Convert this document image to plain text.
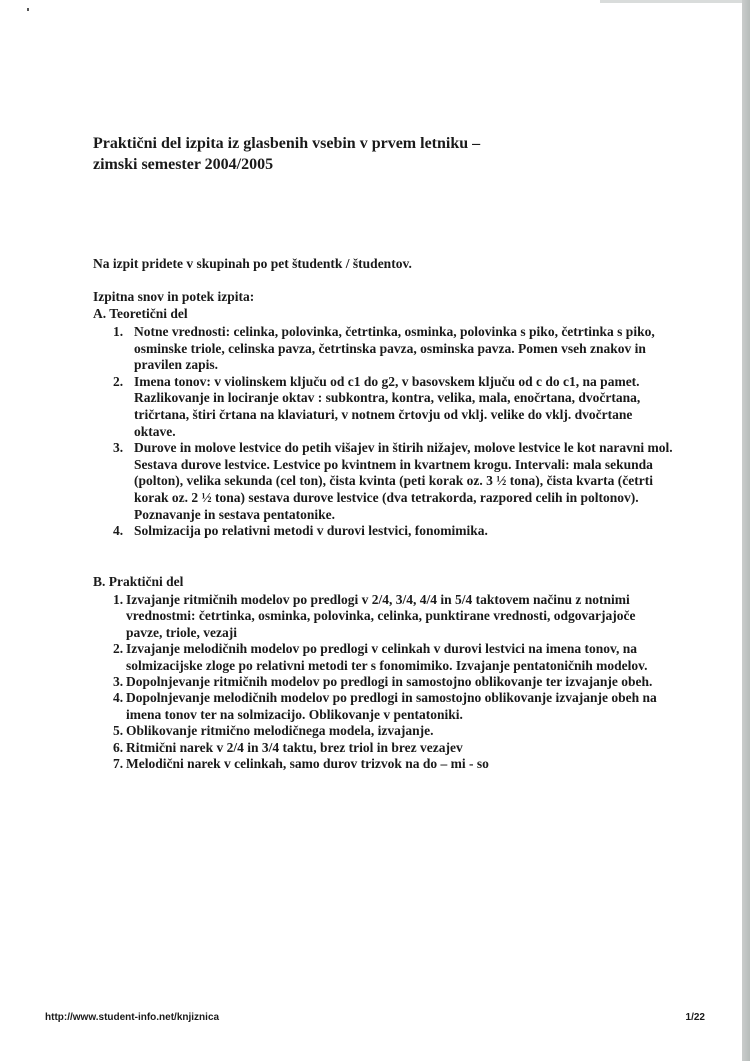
Praktični del izpita iz glasbenih vsebin v prvem letniku –
zimski semester 2004/2005
Na izpit pridete v skupinah po pet študentk / študentov.
Izpitna snov in potek izpita:
A. Teoretični del
1. Notne vrednosti: celinka, polovinka, četrtinka, osminka, polovinka s piko, četrtinka s piko, osminske triole, celinska pavza, četrtinska pavza, osminska pavza. Pomen vseh znakov in pravilen zapis.
2. Imena tonov: v violinskem ključu od c1 do g2, v basovskem ključu od c do c1, na pamet. Razlikovanje in lociranje oktav : subkontra, kontra, velika, mala, enočrtana, dvočrtana, tričrtana, štiri črtana na klaviaturi, v notnem črtovju od vklj. velike do vklj. dvočrtane oktave.
3. Durove in molove lestvice do petih višajev in štirih nižajev, molove lestvice le kot naravni mol. Sestava durove lestvice. Lestvice po kvintnem in kvartnem krogu. Intervali: mala sekunda (polton), velika sekunda (cel ton), čista kvinta (peti korak oz. 3 ½ tona), čista kvarta (četrti korak oz. 2 ½ tona) sestava durove lestvice (dva tetrakorda, razpored celih in poltonov). Poznavanje in sestava pentatonike.
4. Solmizacija po relativni metodi v durovi lestvici, fonomimika.
B. Praktični del
1. Izvajanje ritmičnih modelov po predlogi v 2/4, 3/4, 4/4 in 5/4 taktovem načinu z notnimi vrednostmi: četrtinka, osminka, polovinka, celinka, punktirane vrednosti, odgovarjajoče pavze, triole, vezaji
2. Izvajanje melodičnih modelov po predlogi v celinkah v durovi lestvici na imena tonov, na solmizacijske zloge po relativni metodi ter s fonomimiko. Izvajanje pentatoničnih modelov.
3. Dopolnjevanje ritmičnih modelov po predlogi in samostojno oblikovanje ter izvajanje obeh.
4. Dopolnjevanje melodičnih modelov po predlogi in samostojno oblikovanje izvajanje obeh na imena tonov ter na solmizacijo. Oblikovanje v pentatoniki.
5. Oblikovanje ritmično melodičnega modela, izvajanje.
6. Ritmični narek v 2/4 in 3/4 taktu, brez triol in brez vezajev
7. Melodični narek v celinkah, samo durov trizvok na do – mi - so
http://www.student-info.net/knjiznica	1/22
